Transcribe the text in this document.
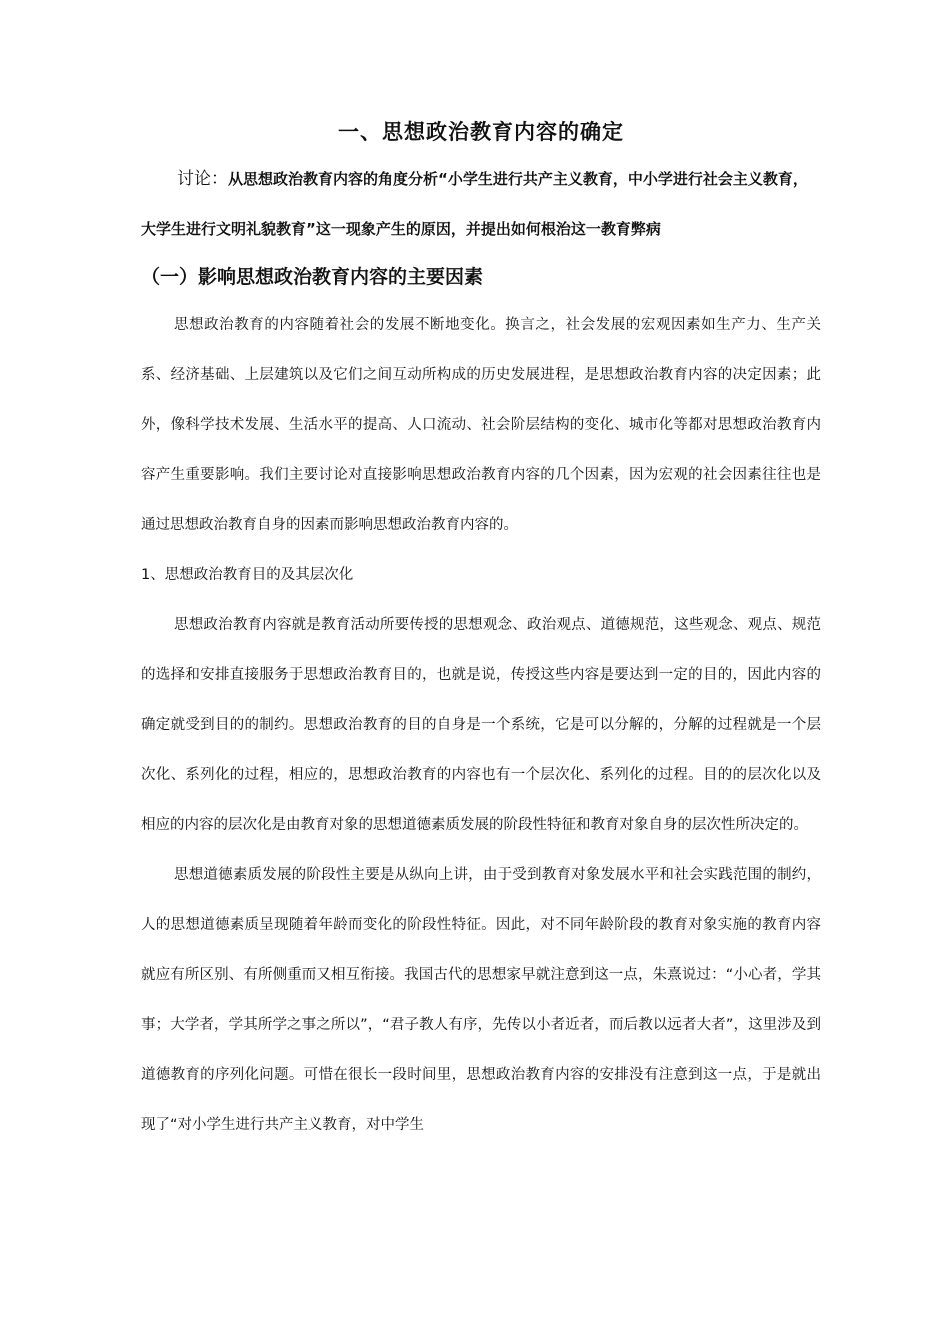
一、思想政治教育内容的确定

讨论：从思想政治教育内容的角度分析“小学生进行共产主义教育，中小学进行社会主义教育，大学生进行文明礼貌教育”这一现象产生的原因，并提出如何根治这一教育弊病

（一）影响思想政治教育内容的主要因素

思想政治教育的内容随着社会的发展不断地变化。换言之，社会发展的宏观因素如生产力、生产关系、经济基础、上层建筑以及它们之间互动所构成的历史发展进程，是思想政治教育内容的决定因素；此外，像科学技术发展、生活水平的提高、人口流动、社会阶层结构的变化、城市化等都对思想政治教育内容产生重要影响。我们主要讨论对直接影响思想政治教育内容的几个因素，因为宏观的社会因素往往也是通过思想政治教育自身的因素而影响思想政治教育内容的。

1、思想政治教育目的及其层次化

思想政治教育内容就是教育活动所要传授的思想观念、政治观点、道德规范，这些观念、观点、规范的选择和安排直接服务于思想政治教育目的，也就是说，传授这些内容是要达到一定的目的，因此内容的确定就受到目的的制约。思想政治教育的目的自身是一个系统，它是可以分解的，分解的过程就是一个层次化、系列化的过程，相应的，思想政治教育的内容也有一个层次化、系列化的过程。目的的层次化以及相应的内容的层次化是由教育对象的思想道德素质发展的阶段性特征和教育对象自身的层次性所决定的。

思想道德素质发展的阶段性主要是从纵向上讲，由于受到教育对象发展水平和社会实践范围的制约，人的思想道德素质呈现随着年龄而变化的阶段性特征。因此，对不同年龄阶段的教育对象实施的教育内容就应有所区别、有所侧重而又相互衔接。我国古代的思想家早就注意到这一点，朱熹说过：“小心者，学其事；大学者，学其所学之事之所以”，“君子教人有序，先传以小者近者，而后教以远者大者”，这里涉及到道德教育的序列化问题。可惜在很长一段时间里，思想政治教育内容的安排没有注意到这一点，于是就出现了“对小学生进行共产主义教育，对中学生
